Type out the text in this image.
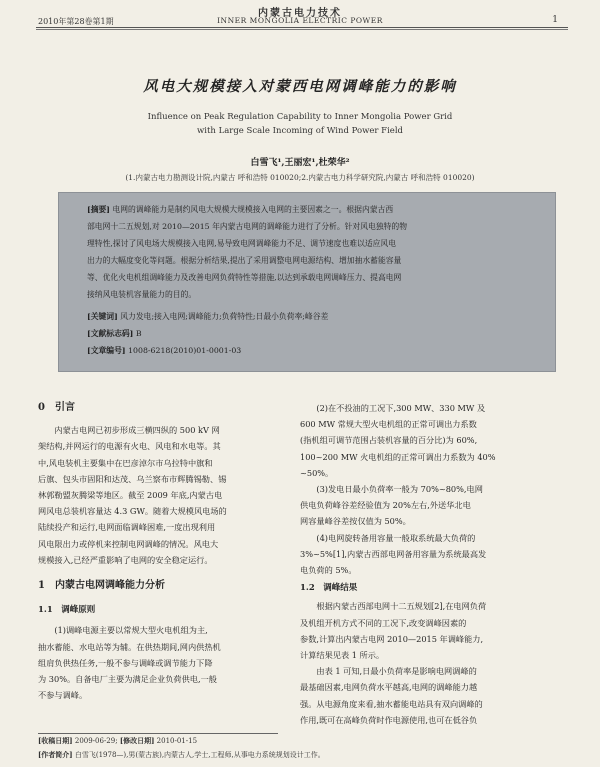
内蒙古电力技术
2010年第28卷第1期	INNER MONGOLIA ELECTRIC POWER	1
风电大规模接入对蒙西电网调峰能力的影响
Influence on Peak Regulation Capability to Inner Mongolia Power Grid
with Large Scale Incoming of Wind Power Field
白雪飞¹,王丽宏¹,杜荣华²
(1.内蒙古电力勘测设计院,内蒙古 呼和浩特 010020;2.内蒙古电力科学研究院,内蒙古 呼和浩特 010020)
[摘要] 电网的调峰能力是制约风电大规模大规模接入电网的主要因素之一。根据内蒙古西
部电网十二五规划,对 2010—2015 年内蒙古电网的调峰能力进行了分析。针对风电独特的物
理特性,探讨了风电场大规模接入电网,易导致电网调峰能力不足、调节速度也难以适应风电
出力的大幅度变化等问题。根据分析结果,提出了采用调整电网电源结构、增加抽水蓄能容量
等、优化火电机组调峰能力及改善电网负荷特性等措施,以达到承载电网调峰压力、提高电网
接纳风电装机容量能力的目的。
[关键词] 风力发电;接入电网;调峰能力;负荷特性;日最小负荷率;峰谷差
[文献标志码] B
[文章编号] 1008-6218(2010)01-0001-03
0　引言

内蒙古电网已初步形成三横四纵的 500 kV 网

架结构,并网运行的电源有火电、风电和水电等。其

中,风电装机主要集中在巴彦淖尔市乌拉特中旗和

后旗、包头市固阳和达茂、乌兰察布市辉腾锡勒、锡

林郭勒盟灰腾梁等地区。截至 2009 年底,内蒙古电

网风电总装机容量达 4.3 GW。随着大规模风电场的

陆续投产和运行,电网面临调峰困难,一度出现利用

风电限出力或停机来控制电网调峰的情况。风电大

规模接入,已经严重影响了电网的安全稳定运行。

1　内蒙古电网调峰能力分析
1.1　调峰原则

(1)调峰电源主要以常规大型火电机组为主,

抽水蓄能、水电站等为辅。在供热期间,网内供热机

组肩负供热任务,一般不参与调峰或调节能力下降

为 30%。自备电厂主要为满足企业负荷供电,一般

不参与调峰。

(2)在不投油的工况下,300 MW、330 MW 及

600 MW 常规大型火电机组的正常可调出力系数

(指机组可调节范围占装机容量的百分比)为 60%,

100~200 MW 火电机组的正常可调出力系数为 40%

~50%。

(3)发电日最小负荷率一般为 70%~80%,电网

供电负荷峰谷差经验值为 20%左右,外送华北电

网容量峰谷差按仅值为 50%。

(4)电网旋转备用容量一般取系统最大负荷的

3%~5%[1],内蒙古西部电网备用容量为系统最高发

电负荷的 5%。

1.2　调峰结果

根据内蒙古西部电网十二五规划[2],在电网负荷

及机组开机方式不同的工况下,改变调峰因素的

参数,计算出内蒙古电网 2010—2015 年调峰能力,

计算结果见表 1 所示。

由表 1 可知,日最小负荷率是影响电网调峰的

最基础因素,电网负荷水平越高,电网的调峰能力越

强。从电源角度来看,抽水蓄能电站具有双向调峰的

作用,既可在高峰负荷时作电源使用,也可在低谷负

[收稿日期] 2009-06-29; [修改日期] 2010-01-15
[作者简介] 白雪飞(1978—),男(蒙古族),内蒙古人,学士,工程师,从事电力系统规划设计工作。
